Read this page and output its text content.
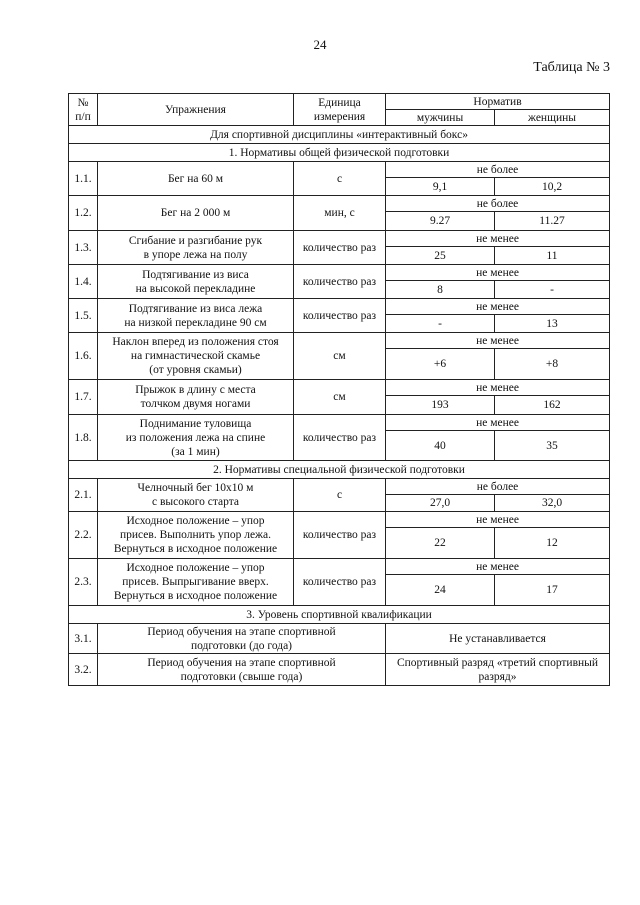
24
Таблица № 3
№
п/п	Упражнения	Единица
измерения	Норматив	
			мужчины	женщины
Для спортивной дисциплины «интерактивный бокс»				
1. Нормативы общей физической подготовки				
1.1.	Бег на 60 м	с	не более	
			9,1	10,2
1.2.	Бег на 2 000 м	мин, с	не более	
			9.27	11.27
1.3.	Сгибание и разгибание рук
в упоре лежа на полу	количество раз	не менее	
			25	11
1.4.	Подтягивание из виса
на высокой перекладине	количество раз	не менее	
			8	-
1.5.	Подтягивание из виса лежа
на низкой перекладине 90 см	количество раз	не менее	
			-	13
1.6.	Наклон вперед из положения стоя
на гимнастической скамье
(от уровня скамьи)	см	не менее	
			+6	+8
1.7.	Прыжок в длину с места
толчком двумя ногами	см	не менее	
			193	162
1.8.	Поднимание туловища
из положения лежа на спине
(за 1 мин)	количество раз	не менее	
			40	35
2. Нормативы специальной физической подготовки				
2.1.	Челночный бег 10x10 м
с высокого старта	с	не более	
			27,0	32,0
2.2.	Исходное положение – упор
присев. Выполнить упор лежа.
Вернуться в исходное положение	количество раз	не менее	
			22	12
2.3.	Исходное положение – упор
присев. Выпрыгивание вверх.
Вернуться в исходное положение	количество раз	не менее	
			24	17
3. Уровень спортивной квалификации				
3.1.	Период обучения на этапе спортивной
подготовки (до года)		Не устанавливается	
3.2.	Период обучения на этапе спортивной
подготовки (свыше года)		Спортивный разряд «третий спортивный
разряд»	
